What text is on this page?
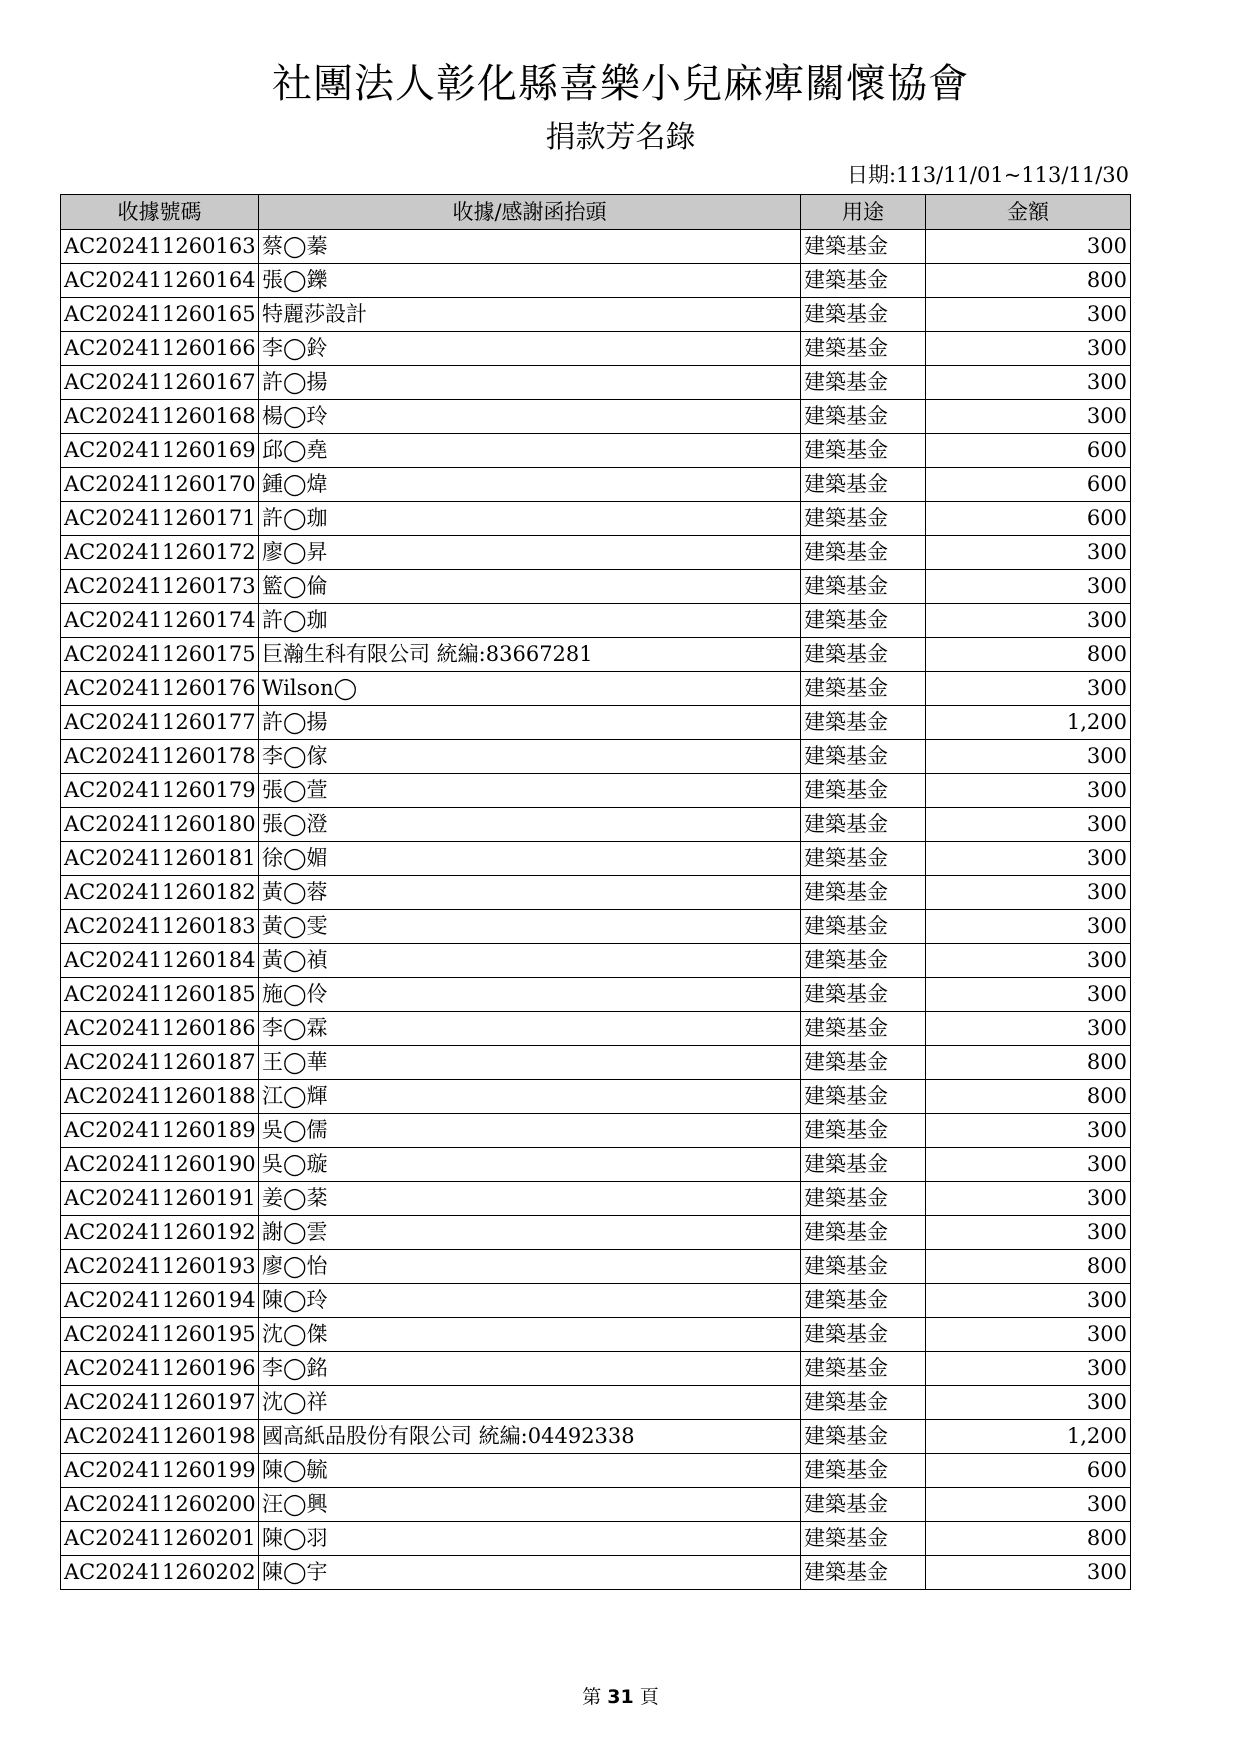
社團法人彰化縣喜樂小兒麻痺關懷協會
捐款芳名錄
日期:113/11/01~113/11/30
收據號碼	收據/感謝函抬頭	用途	金額
AC202411260163	蔡◯蓁	建築基金	300
AC202411260164	張◯鑠	建築基金	800
AC202411260165	特麗莎設計	建築基金	300
AC202411260166	李◯鈴	建築基金	300
AC202411260167	許◯揚	建築基金	300
AC202411260168	楊◯玲	建築基金	300
AC202411260169	邱◯堯	建築基金	600
AC202411260170	鍾◯煒	建築基金	600
AC202411260171	許◯珈	建築基金	600
AC202411260172	廖◯昇	建築基金	300
AC202411260173	籃◯倫	建築基金	300
AC202411260174	許◯珈	建築基金	300
AC202411260175	巨瀚生科有限公司 統編:83667281	建築基金	800
AC202411260176	Wilson◯	建築基金	300
AC202411260177	許◯揚	建築基金	1,200
AC202411260178	李◯傢	建築基金	300
AC202411260179	張◯萱	建築基金	300
AC202411260180	張◯澄	建築基金	300
AC202411260181	徐◯媚	建築基金	300
AC202411260182	黃◯蓉	建築基金	300
AC202411260183	黃◯雯	建築基金	300
AC202411260184	黃◯禎	建築基金	300
AC202411260185	施◯伶	建築基金	300
AC202411260186	李◯霖	建築基金	300
AC202411260187	王◯華	建築基金	800
AC202411260188	江◯輝	建築基金	800
AC202411260189	吳◯儒	建築基金	300
AC202411260190	吳◯璇	建築基金	300
AC202411260191	姜◯棻	建築基金	300
AC202411260192	謝◯雲	建築基金	300
AC202411260193	廖◯怡	建築基金	800
AC202411260194	陳◯玲	建築基金	300
AC202411260195	沈◯傑	建築基金	300
AC202411260196	李◯銘	建築基金	300
AC202411260197	沈◯祥	建築基金	300
AC202411260198	國高紙品股份有限公司 統編:04492338	建築基金	1,200
AC202411260199	陳◯毓	建築基金	600
AC202411260200	汪◯興	建築基金	300
AC202411260201	陳◯羽	建築基金	800
AC202411260202	陳◯宇	建築基金	300
第 31 頁
